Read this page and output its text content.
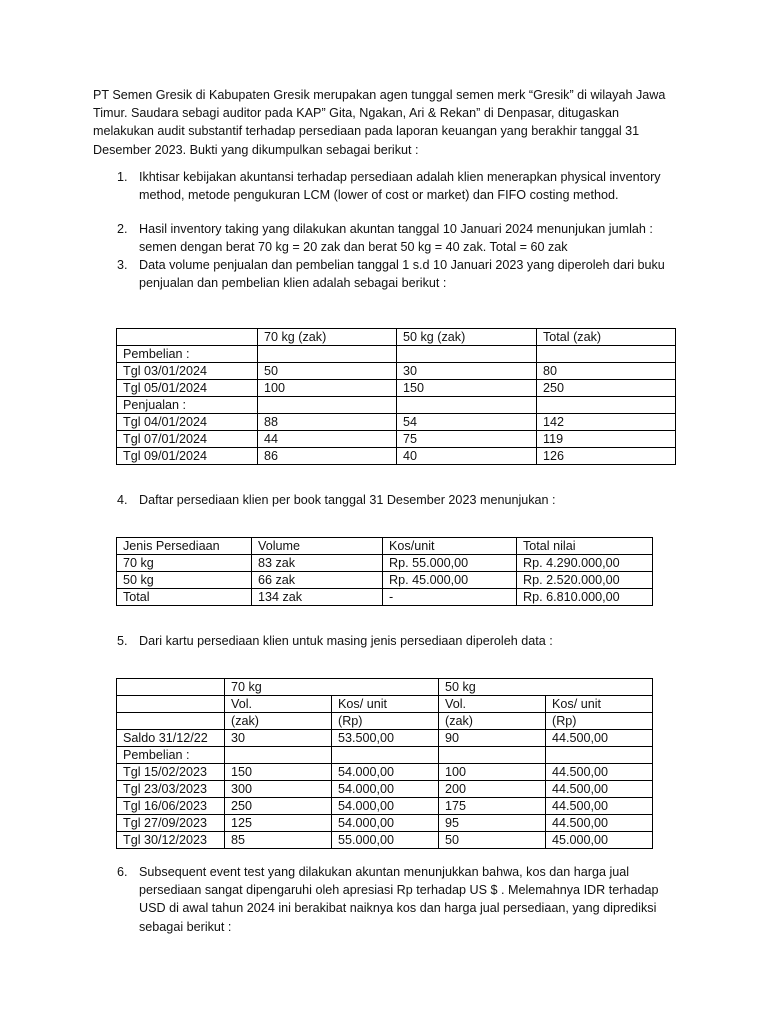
PT Semen Gresik di Kabupaten Gresik merupakan agen tunggal semen merk “Gresik” di wilayah Jawa Timur. Saudara sebagi auditor pada KAP” Gita, Ngakan, Ari & Rekan” di Denpasar, ditugaskan melakukan audit substantif terhadap persediaan pada laporan keuangan yang berakhir tanggal 31 Desember 2023. Bukti yang dikumpulkan sebagai berikut :

1. Ikhtisar kebijakan akuntansi terhadap persediaan adalah klien menerapkan physical inventory method, metode pengukuran LCM (lower of cost or market) dan FIFO costing method.
2. Hasil inventory taking yang dilakukan akuntan tanggal 10 Januari 2024 menunjukan jumlah : semen dengan berat 70 kg = 20 zak dan berat 50 kg = 40 zak. Total = 60 zak
3. Data volume penjualan dan pembelian tanggal 1 s.d 10 Januari 2023 yang diperoleh dari buku penjualan dan pembelian klien adalah sebagai berikut :
	70 kg (zak)	50 kg (zak)	Total (zak)
Pembelian :			
Tgl 03/01/2024	50	30	80
Tgl 05/01/2024	100	150	250
Penjualan :			
Tgl 04/01/2024	88	54	142
Tgl 07/01/2024	44	75	119
Tgl 09/01/2024	86	40	126
4. Daftar persediaan klien per book tanggal 31 Desember 2023 menunjukan :
Jenis Persediaan	Volume	Kos/unit	Total nilai
70 kg	83 zak	Rp. 55.000,00	Rp. 4.290.000,00
50 kg	66 zak	Rp. 45.000,00	Rp. 2.520.000,00
Total	134 zak	-	Rp. 6.810.000,00
5. Dari kartu persediaan klien untuk masing jenis persediaan diperoleh data :
	70 kg		50 kg	
	Vol.	Kos/ unit	Vol.	Kos/ unit
	(zak)	(Rp)	(zak)	(Rp)
Saldo 31/12/22	30	53.500,00	90	44.500,00
Pembelian :				
Tgl 15/02/2023	150	54.000,00	100	44.500,00
Tgl 23/03/2023	300	54.000,00	200	44.500,00
Tgl 16/06/2023	250	54.000,00	175	44.500,00
Tgl 27/09/2023	125	54.000,00	95	44.500,00
Tgl 30/12/2023	85	55.000,00	50	45.000,00
6. Subsequent event test yang dilakukan akuntan menunjukkan bahwa, kos dan harga jual persediaan sangat dipengaruhi oleh apresiasi Rp terhadap US $ . Melemahnya IDR terhadap USD di awal tahun 2024 ini berakibat naiknya kos dan harga jual persediaan, yang diprediksi sebagai berikut :
